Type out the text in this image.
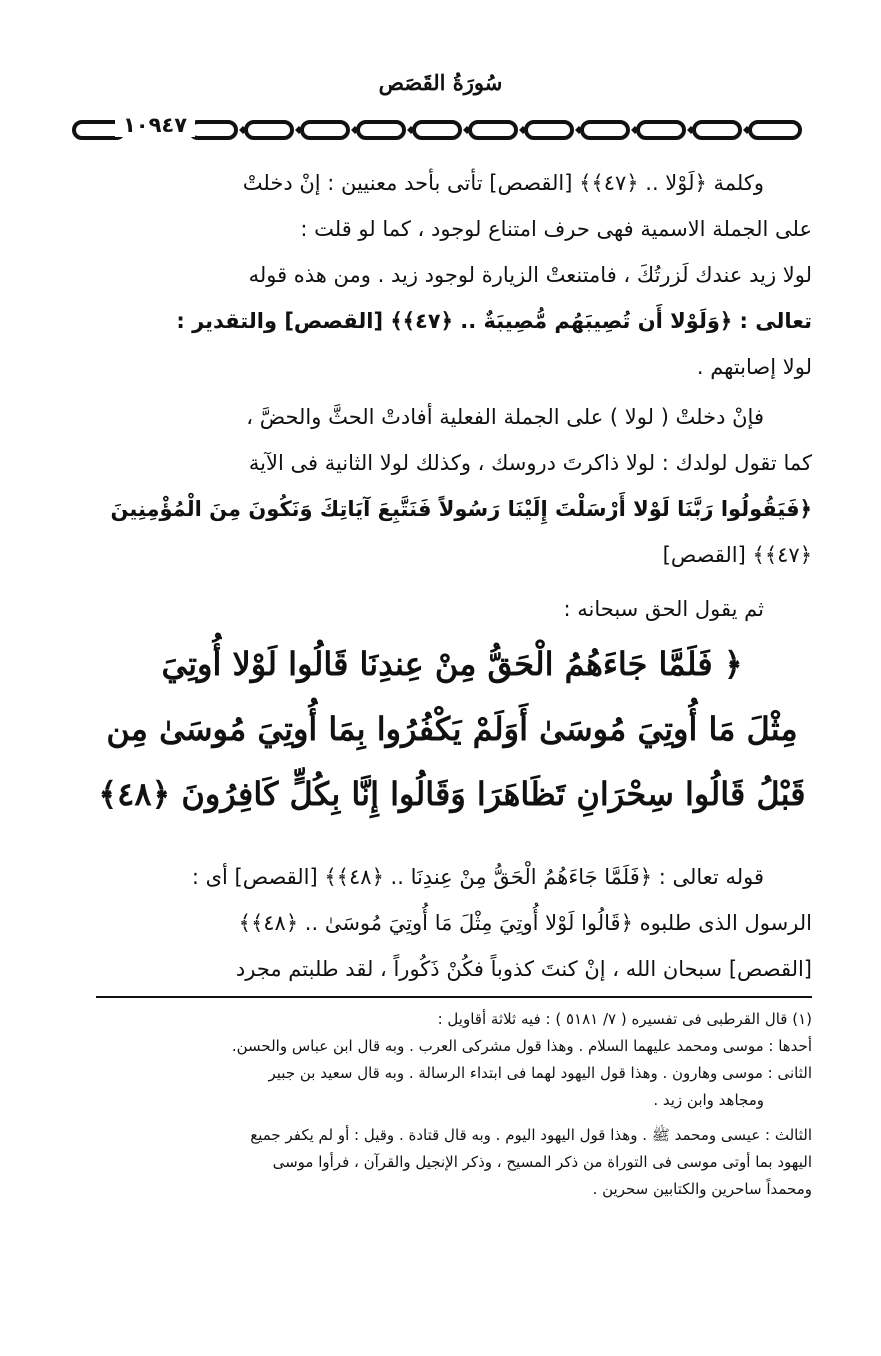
سُورَةُ القَصَص
١٠٩٤٧

وكلمة ﴿لَوْلا .. ﴿٤٧﴾﴾ [القصص] تأتى بأحد معنيين : إنْ دخلتْ

على الجملة الاسمية فهى حرف امتناع لوجود ، كما لو قلت :

لولا زيد عندك لَزرتُكَ ، فامتنعتْ الزيارة لوجود زيد . ومن هذه قوله

تعالى : ﴿وَلَوْلا أَن تُصِيبَهُم مُّصِيبَةٌ .. ﴿٤٧﴾﴾ [القصص] والتقدير :

لولا إصابتهم .

فإنْ دخلتْ ( لولا ) على الجملة الفعلية أفادتْ الحثَّ والحضَّ ،

كما تقول لولدك : لولا ذاكرتَ دروسك ، وكذلك لولا الثانية فى الآية

﴿فَيَقُولُوا رَبَّنَا لَوْلا أَرْسَلْتَ إِلَيْنَا رَسُولاً فَنَتَّبِعَ آيَاتِكَ وَنَكُونَ مِنَ الْمُؤْمِنِينَ

﴿٤٧﴾﴾ [القصص]

ثم يقول الحق سبحانه :

﴿ فَلَمَّا جَاءَهُمُ الْحَقُّ مِنْ عِندِنَا قَالُوا لَوْلا أُوتِيَ
مِثْلَ مَا أُوتِيَ مُوسَىٰ أَوَلَمْ يَكْفُرُوا بِمَا أُوتِيَ مُوسَىٰ مِن
قَبْلُ قَالُوا سِحْرَانِ تَظَاهَرَا وَقَالُوا إِنَّا بِكُلٍّ كَافِرُونَ ﴿٤٨﴾

قوله تعالى : ﴿فَلَمَّا جَاءَهُمُ الْحَقُّ مِنْ عِندِنَا .. ﴿٤٨﴾﴾ [القصص] أى :

الرسول الذى طلبوه ﴿قَالُوا لَوْلا أُوتِيَ مِثْلَ مَا أُوتِيَ مُوسَىٰ .. ﴿٤٨﴾﴾

[القصص] سبحان الله ، إنْ كنتَ كذوباً فكُنْ ذَكُوراً ، لقد طلبتم مجرد

(١) قال القرطبى فى تفسيره ( ٧/ ٥١٨١ ) : فيه ثلاثة أقاويل :

أحدها : موسى ومحمد عليهما السلام . وهذا قول مشركى العرب . وبه قال ابن عباس والحسن.

الثانى : موسى وهارون . وهذا قول اليهود لهما فى ابتداء الرسالة . وبه قال سعيد بن جبير

ومجاهد وابن زيد .

الثالث : عيسى ومحمد ﷺ . وهذا قول اليهود اليوم . وبه قال قتادة . وقيل : أو لم يكفر جميع

اليهود بما أوتى موسى فى التوراة من ذكر المسيح ، وذكر الإنجيل والقرآن ، فرأوا موسى

ومحمداً ساحرين والكتابين سحرين .
